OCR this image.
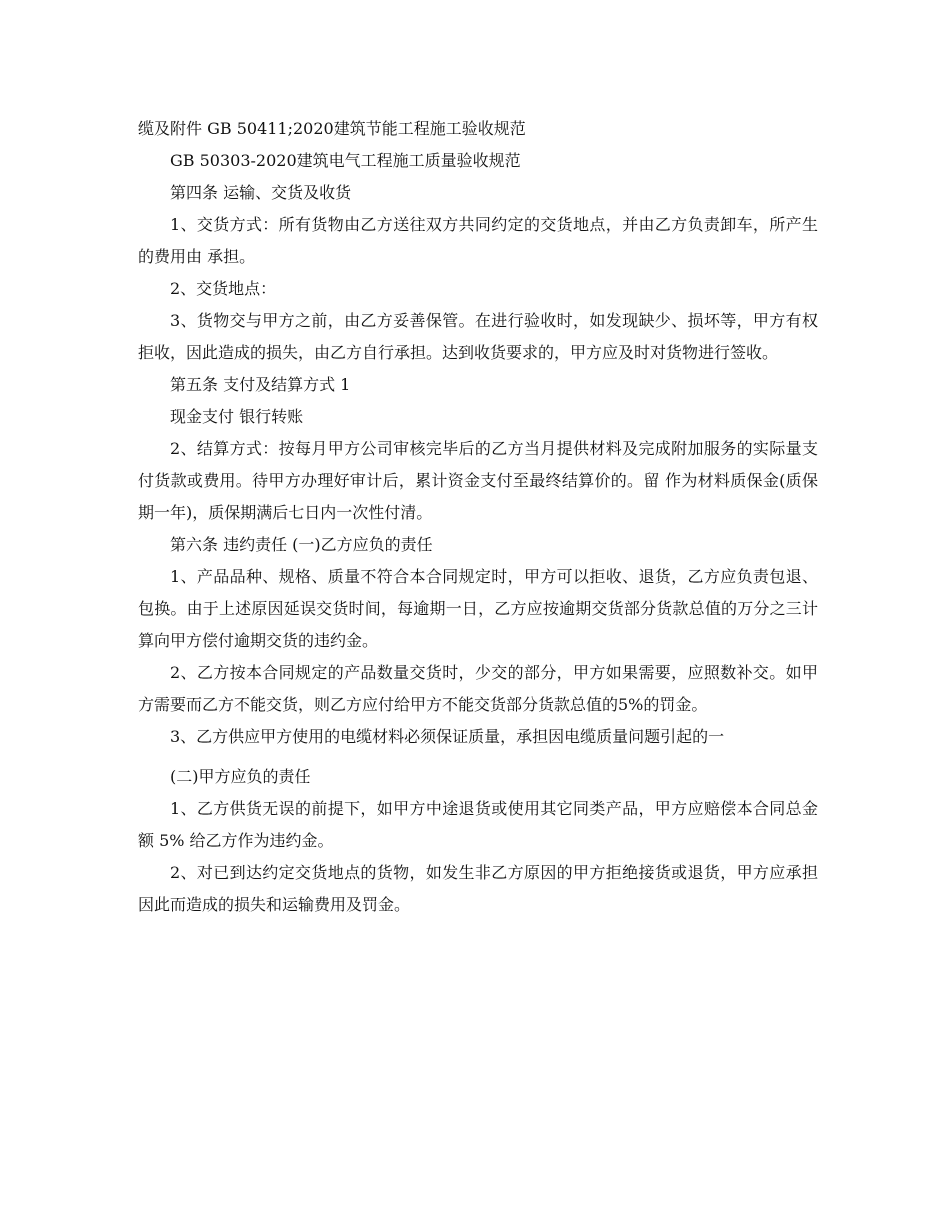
缆及附件 GB 50411;2020建筑节能工程施工验收规范

GB 50303-2020建筑电气工程施工质量验收规范

第四条 运输、交货及收货

1、交货方式：所有货物由乙方送往双方共同约定的交货地点，并由乙方负责卸车，所产生的费用由 承担。

2、交货地点：

3、货物交与甲方之前，由乙方妥善保管。在进行验收时，如发现缺少、损坏等，甲方有权拒收，因此造成的损失，由乙方自行承担。达到收货要求的，甲方应及时对货物进行签收。

第五条 支付及结算方式 1

现金支付 银行转账

2、结算方式：按每月甲方公司审核完毕后的乙方当月提供材料及完成附加服务的实际量支付货款或费用。待甲方办理好审计后，累计资金支付至最终结算价的。留 作为材料质保金(质保期一年)，质保期满后七日内一次性付清。

第六条 违约责任 (一)乙方应负的责任

1、产品品种、规格、质量不符合本合同规定时，甲方可以拒收、退货，乙方应负责包退、包换。由于上述原因延误交货时间，每逾期一日，乙方应按逾期交货部分货款总值的万分之三计算向甲方偿付逾期交货的违约金。

2、乙方按本合同规定的产品数量交货时，少交的部分，甲方如果需要，应照数补交。如甲方需要而乙方不能交货，则乙方应付给甲方不能交货部分货款总值的5%的罚金。

3、乙方供应甲方使用的电缆材料必须保证质量，承担因电缆质量问题引起的一

(二)甲方应负的责任

1、乙方供货无误的前提下，如甲方中途退货或使用其它同类产品，甲方应赔偿本合同总金额 5% 给乙方作为违约金。

2、对已到达约定交货地点的货物，如发生非乙方原因的甲方拒绝接货或退货，甲方应承担因此而造成的损失和运输费用及罚金。
